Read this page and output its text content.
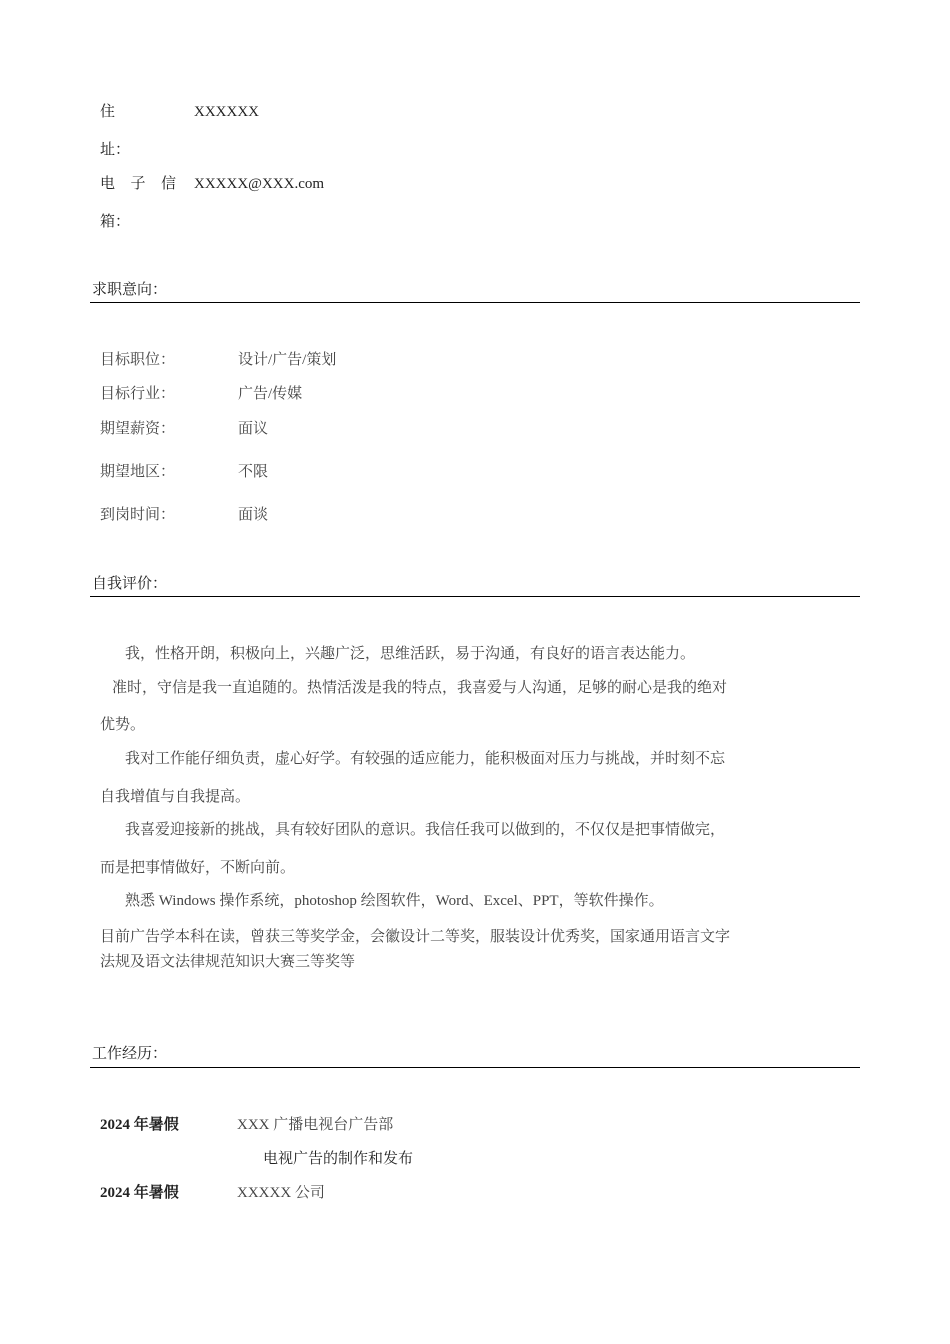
住	XXXXXX
址：
电 子 信 XXXXX@XXX.com
箱：
求职意向：
目标职位：	设计/广告/策划
目标行业：	广告/传媒
期望薪资：	面议
期望地区：	不限
到岗时间：	面谈
自我评价：
我，性格开朗，积极向上，兴趣广泛，思维活跃，易于沟通，有良好的语言表达能力。
准时，守信是我一直追随的。热情活泼是我的特点，我喜爱与人沟通，足够的耐心是我的绝对
优势。
我对工作能仔细负责，虚心好学。有较强的适应能力，能积极面对压力与挑战，并时刻不忘
自我增值与自我提高。
我喜爱迎接新的挑战，具有较好团队的意识。我信任我可以做到的，不仅仅是把事情做完，
而是把事情做好，不断向前。
熟悉 Windows 操作系统，photoshop 绘图软件，Word、Excel、PPT，等软件操作。
目前广告学本科在读，曾获三等奖学金，会徽设计二等奖，服装设计优秀奖，国家通用语言文字
法规及语文法律规范知识大赛三等奖等
工作经历：
2024 年暑假	XXX 广播电视台广告部
电视广告的制作和发布
2024 年暑假	XXXXX 公司
